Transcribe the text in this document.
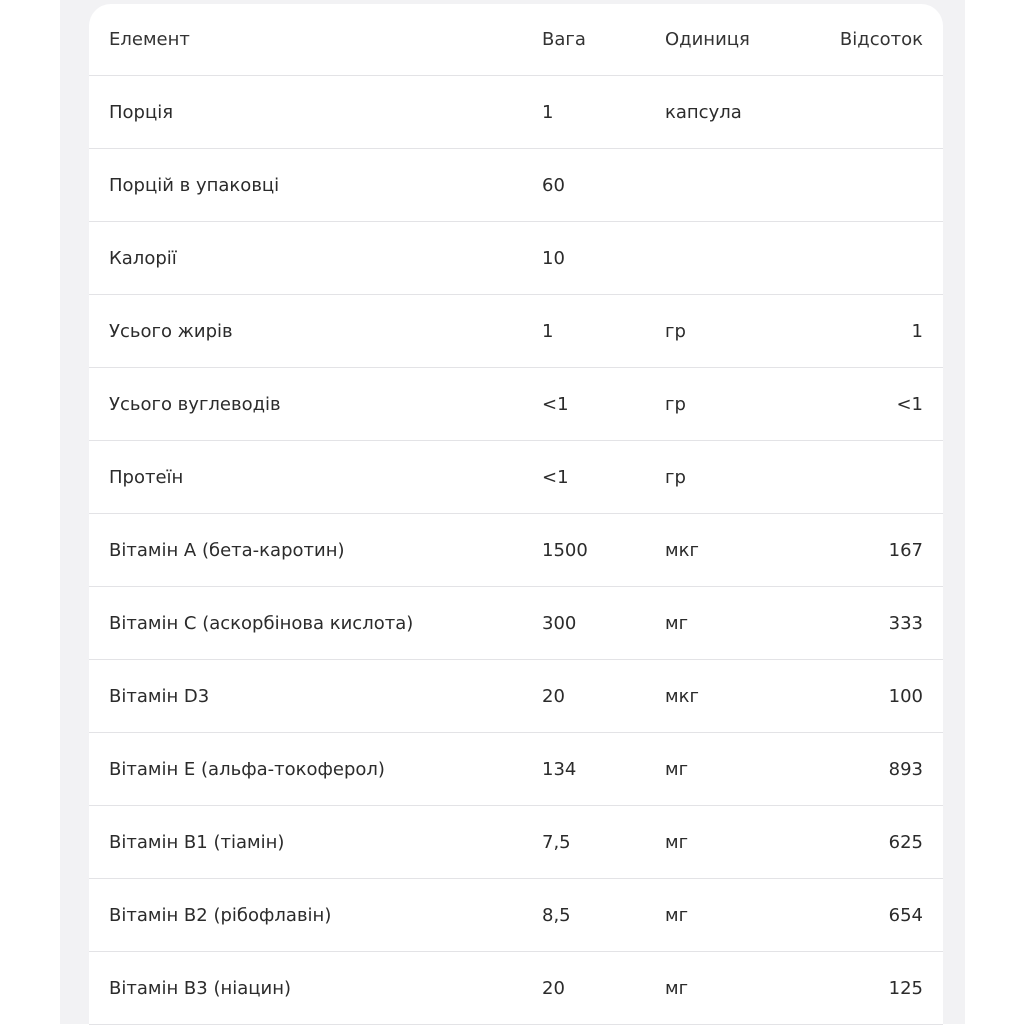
Елемент	Вага	Одиниця	Відсоток
Порція	1	капсула	
Порцій в упаковці	60		
Калорії	10		
Усього жирів	1	гр	1
Усього вуглеводів	<1	гр	<1
Протеїн	<1	гр	
Вітамін A (бета-каротин)	1500	мкг	167
Вітамін C (аскорбінова кислота)	300	мг	333
Вітамін D3	20	мкг	100
Вітамін E (альфа-токоферол)	134	мг	893
Вітамін B1 (тіамін)	7,5	мг	625
Вітамін B2 (рібофлавін)	8,5	мг	654
Вітамін B3 (ніацин)	20	мг	125
